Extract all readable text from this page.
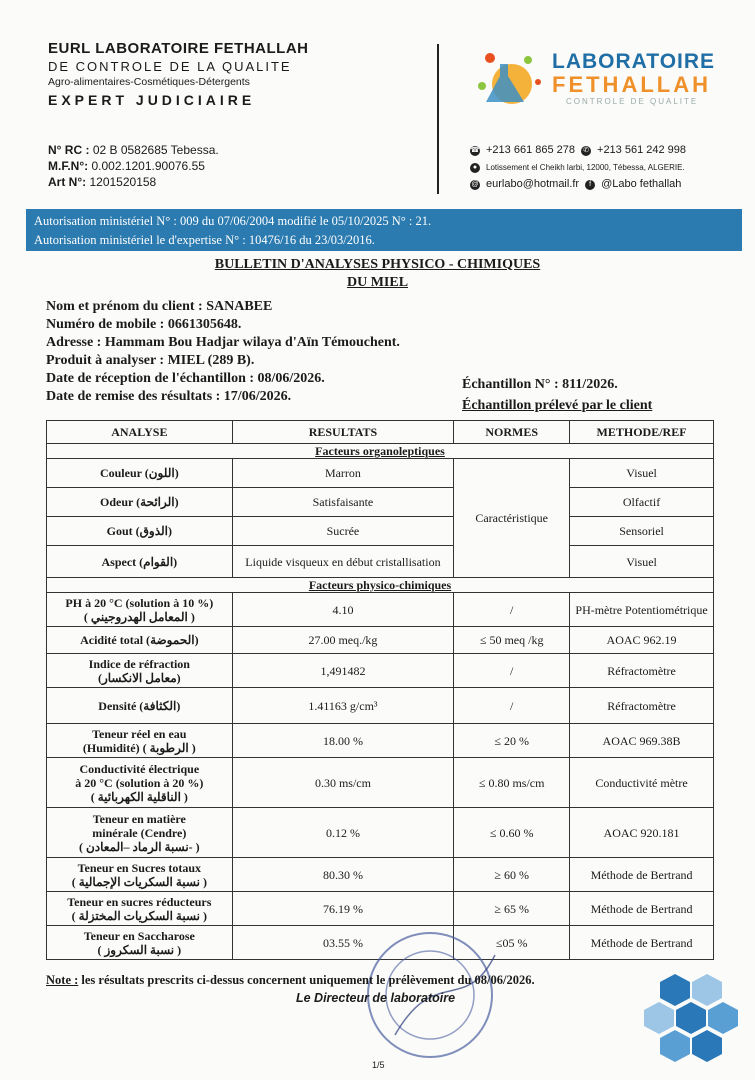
EURL LABORATOIRE FETHALLAH
DE CONTROLE DE LA QUALITE
Agro-alimentaires-Cosmétiques-Détergents
EXPERT JUDICIAIRE
N° RC : 02 B 0582685 Tebessa.
M.F.N°: 0.002.1201.90076.55
Art N°: 1201520158
LABORATOIRE
FETHALLAH
CONTROLE DE QUALITE
☎ +213 661 865 278 ✆ +213 561 242 998
●	Lotissement el Cheikh larbi, 12000, Tébessa, ALGERIE.
@ eurlabo@hotmail.fr	f @Labo fethallah
Autorisation ministériel N° : 009 du 07/06/2004 modifié le 05/10/2025 N° : 21.
Autorisation ministériel le d'expertise N° : 10476/16 du 23/03/2016.
BULLETIN D'ANALYSES PHYSICO - CHIMIQUES
DU MIEL
Nom et prénom du client : SANABEE
Numéro de mobile : 0661305648.
Adresse : Hammam Bou Hadjar wilaya d'Aïn Témouchent.
Produit à analyser : MIEL (289 B).
Date de réception de l'échantillon : 08/06/2026.
Date de remise des résultats : 17/06/2026.
Échantillon N° : 811/2026.
Échantillon prélevé par le client
ANALYSE	RESULTATS	NORMES	METHODE/REF
Facteurs organoleptiques			
Couleur (اللون)	Marron	Caractéristique	Visuel
Odeur (الرائحة)	Satisfaisante		Olfactif
Gout (الذوق)	Sucrée		Sensoriel
Aspect (القوام)	Liquide visqueux en début cristallisation		Visuel
Facteurs physico-chimiques			

PH à 20 °C (solution à 10 %)
( المعامل الهدروجيني )	4.10	/	PH-mètre Potentiométrique

Acidité total (الحموضة)	27.00 meq./kg	≤ 50 meq /kg	AOAC 962.19

Indice de réfraction
(معامل الانكسار)	1,491482	/	Réfractomètre

Densité (الكثافة)	1.41163 g/cm³	/	Réfractomètre

Teneur réel en eau
(Humidité) ( الرطوبة )	18.00 %	≤ 20 %	AOAC 969.38B

Conductivité électrique
à 20 °C (solution à 20 %)
( الناقلية الكهربائية )	0.30 ms/cm	≤ 0.80 ms/cm	Conductivité mètre

Teneur en matière
minérale (Cendre)
( نسبة الرماد –المعادن- )	0.12 %	≤ 0.60 %	AOAC 920.181

Teneur en Sucres totaux
( نسبة السكريات الإجمالية )	80.30 %	≥ 60 %	Méthode de Bertrand

Teneur en sucres réducteurs
( نسبة السكريات المختزلة )	76.19 %	≥ 65 %	Méthode de Bertrand

Teneur en Saccharose
( نسبة السكروز )	03.55 %	≤05 %	Méthode de Bertrand
Note : les résultats prescrits ci-dessus concernent uniquement le prélèvement du 08/06/2026.
Le Directeur de laboratoire
1/5
